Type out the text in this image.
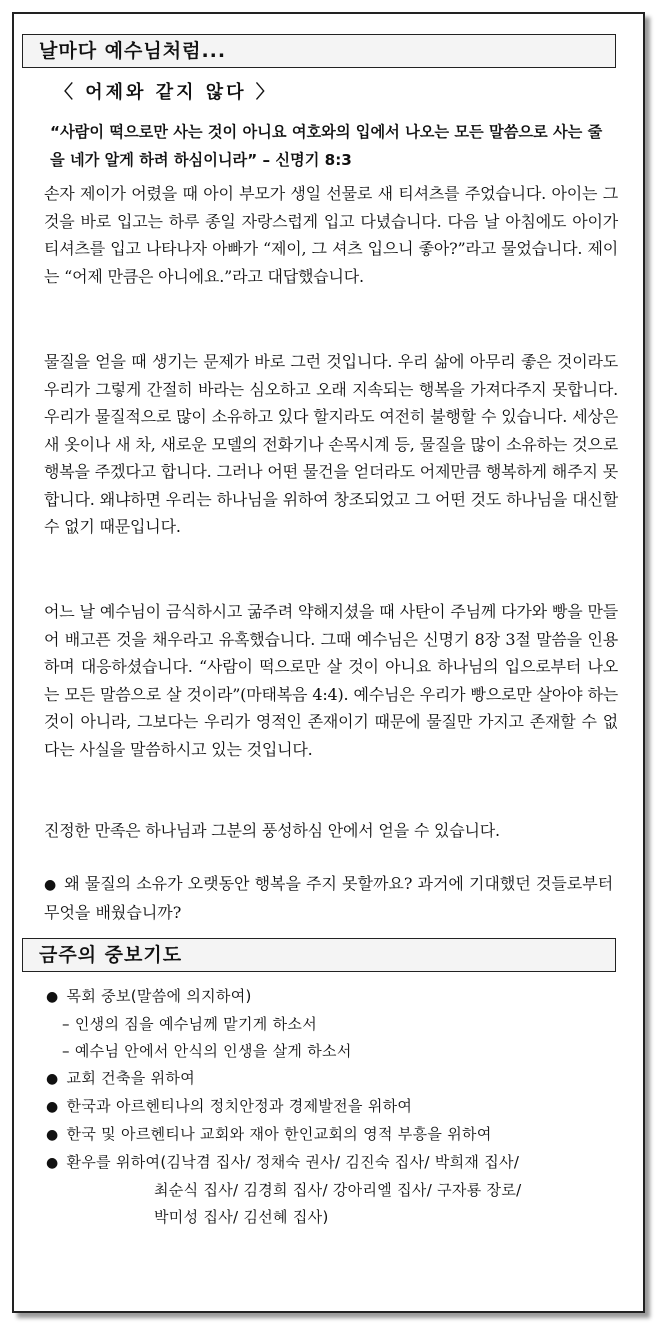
날마다 예수님처럼...
〈 어제와 같지 않다 〉

“사람이 떡으로만 사는 것이 아니요 여호와의 입에서 나오는 모든 말씀으로 사는 줄을 네가 알게 하려 하심이니라” – 신명기 8:3

손자 제이가 어렸을 때 아이 부모가 생일 선물로 새 티셔츠를 주었습니다. 아이는 그것을 바로 입고는 하루 종일 자랑스럽게 입고 다녔습니다. 다음 날 아침에도 아이가 티셔츠를 입고 나타나자 아빠가 “제이, 그 셔츠 입으니 좋아?”라고 물었습니다. 제이는 “어제 만큼은 아니에요.”라고 대답했습니다.

물질을 얻을 때 생기는 문제가 바로 그런 것입니다. 우리 삶에 아무리 좋은 것이라도 우리가 그렇게 간절히 바라는 심오하고 오래 지속되는 행복을 가져다주지 못합니다. 우리가 물질적으로 많이 소유하고 있다 할지라도 여전히 불행할 수 있습니다. 세상은 새 옷이나 새 차, 새로운 모델의 전화기나 손목시계 등, 물질을 많이 소유하는 것으로 행복을 주겠다고 합니다. 그러나 어떤 물건을 얻더라도 어제만큼 행복하게 해주지 못합니다. 왜냐하면 우리는 하나님을 위하여 창조되었고 그 어떤 것도 하나님을 대신할 수 없기 때문입니다.

어느 날 예수님이 금식하시고 굶주려 약해지셨을 때 사탄이 주님께 다가와 빵을 만들어 배고픈 것을 채우라고 유혹했습니다. 그때 예수님은 신명기 8장 3절 말씀을 인용하며 대응하셨습니다. “사람이 떡으로만 살 것이 아니요 하나님의 입으로부터 나오는 모든 말씀으로 살 것이라”(마태복음 4:4). 예수님은 우리가 빵으로만 살아야 하는 것이 아니라, 그보다는 우리가 영적인 존재이기 때문에 물질만 가지고 존재할 수 없다는 사실을 말씀하시고 있는 것입니다.

진정한 만족은 하나님과 그분의 풍성하심 안에서 얻을 수 있습니다.

● 왜 물질의 소유가 오랫동안 행복을 주지 못할까요? 과거에 기대했던 것들로부터 무엇을 배웠습니까?

금주의 중보기도
● 목회 중보(말씀에 의지하여)
– 인생의 짐을 예수님께 맡기게 하소서
– 예수님 안에서 안식의 인생을 살게 하소서
● 교회 건축을 위하여
● 한국과 아르헨티나의 정치안정과 경제발전을 위하여
● 한국 및 아르헨티나 교회와 재아 한인교회의 영적 부흥을 위하여
● 환우를 위하여(김낙겸 집사/ 정채숙 권사/ 김진숙 집사/ 박희재 집사/
최순식 집사/ 김경희 집사/ 강아리엘 집사/ 구자룡 장로/
박미성 집사/ 김선혜 집사)
